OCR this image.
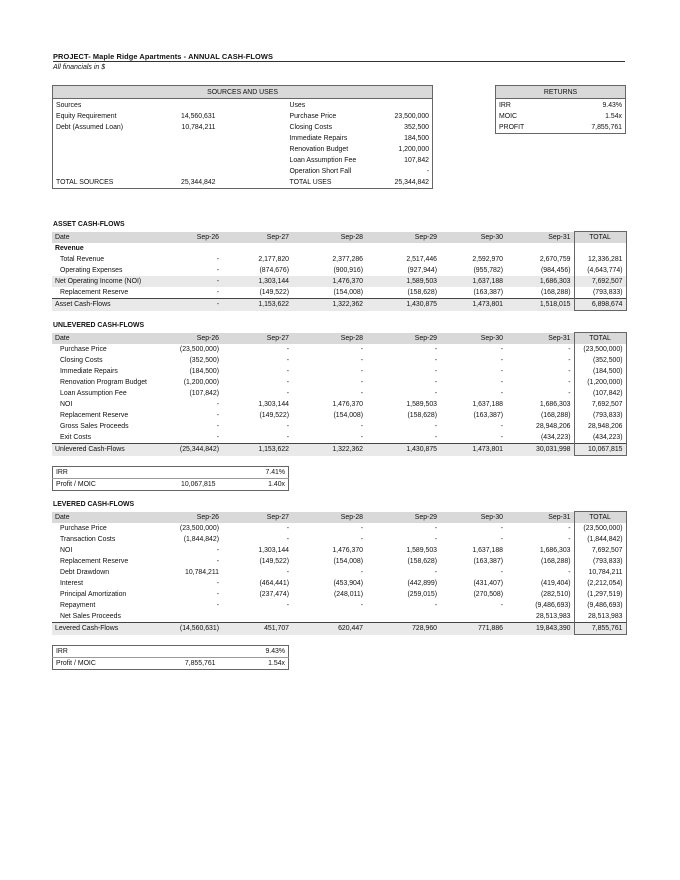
PROJECT- Maple Ridge Apartments - ANNUAL CASH-FLOWS
All financials in $
SOURCES AND USES				

Sources			Uses	
Equity Requirement	14,560,631		Purchase Price	23,500,000
Debt (Assumed Loan)	10,784,211		Closing Costs	352,500
			Immediate Repairs	184,500
			Renovation Budget	1,200,000
			Loan Assumption Fee	107,842
			Operation Short Fall	-
TOTAL SOURCES	25,344,842		TOTAL USES	25,344,842
RETURNS	

IRR	9.43%
MOIC	1.54x
PROFIT	7,855,761
ASSET CASH-FLOWS
Date	Sep-26	Sep-27	Sep-28	Sep-29	Sep-30	Sep-31	TOTAL
Revenue							
Total Revenue	-	2,177,820	2,377,286	2,517,446	2,592,970	2,670,759	12,336,281
Operating Expenses	-	(874,676)	(900,916)	(927,944)	(955,782)	(984,456)	(4,643,774)
Net Operating Income (NOI)	-	1,303,144	1,476,370	1,589,503	1,637,188	1,686,303	7,692,507
Replacement Reserve	-	(149,522)	(154,008)	(158,628)	(163,387)	(168,288)	(793,833)
Asset Cash-Flows	-	1,153,622	1,322,362	1,430,875	1,473,801	1,518,015	6,898,674
UNLEVERED CASH-FLOWS
Date	Sep-26	Sep-27	Sep-28	Sep-29	Sep-30	Sep-31	TOTAL
Purchase Price	(23,500,000)	-	-	-	-	-	(23,500,000)
Closing Costs	(352,500)	-	-	-	-	-	(352,500)
Immediate Repairs	(184,500)	-	-	-	-	-	(184,500)
Renovation Program Budget	(1,200,000)	-	-	-	-	-	(1,200,000)
Loan Assumption Fee	(107,842)	-	-	-	-	-	(107,842)
NOI	-	1,303,144	1,476,370	1,589,503	1,637,188	1,686,303	7,692,507
Replacement Reserve	-	(149,522)	(154,008)	(158,628)	(163,387)	(168,288)	(793,833)
Gross Sales Proceeds	-	-	-	-	-	28,948,206	28,948,206
Exit Costs	-	-	-	-	-	(434,223)	(434,223)
Unlevered Cash-Flows	(25,344,842)	1,153,622	1,322,362	1,430,875	1,473,801	30,031,998	10,067,815
IRR		7.41%
Profit / MOIC	10,067,815	1.40x
LEVERED CASH-FLOWS
Date	Sep-26	Sep-27	Sep-28	Sep-29	Sep-30	Sep-31	TOTAL
Purchase Price	(23,500,000)	-	-	-	-	-	(23,500,000)
Transaction Costs	(1,844,842)	-	-	-	-	-	(1,844,842)
NOI	-	1,303,144	1,476,370	1,589,503	1,637,188	1,686,303	7,692,507
Replacement Reserve	-	(149,522)	(154,008)	(158,628)	(163,387)	(168,288)	(793,833)
Debt Drawdown	10,784,211	-	-	-	-	-	10,784,211
Interest	-	(464,441)	(453,904)	(442,899)	(431,407)	(419,404)	(2,212,054)
Principal Amortization	-	(237,474)	(248,011)	(259,015)	(270,508)	(282,510)	(1,297,519)
Repayment	-	-	-	-	-	(9,486,693)	(9,486,693)
Net Sales Proceeds						28,513,983	28,513,983
Levered Cash-Flows	(14,560,631)	451,707	620,447	728,960	771,886	19,843,390	7,855,761
IRR		9.43%
Profit / MOIC	7,855,761	1.54x
